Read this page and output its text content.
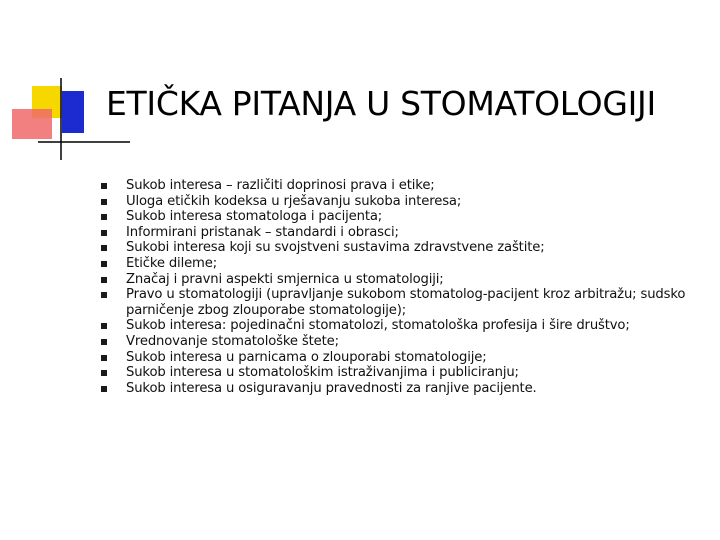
ETIČKA PITANJA U STOMATOLOGIJI
Sukob interesa – različiti doprinosi prava i etike;
Uloga etičkih kodeksa u rješavanju sukoba interesa;
Sukob interesa stomatologa i pacijenta;
Informirani pristanak – standardi i obrasci;
Sukobi interesa koji su svojstveni sustavima zdravstvene zaštite;
Etičke dileme;
Značaj i pravni aspekti smjernica u stomatologiji;
Pravo u stomatologiji (upravljanje sukobom stomatolog-pacijent kroz arbitražu; sudsko parničenje zbog zlouporabe stomatologije);
Sukob interesa: pojedinačni stomatolozi, stomatološka profesija i šire društvo;
Vrednovanje stomatološke štete;
Sukob interesa u parnicama o zlouporabi stomatologije;
Sukob interesa u stomatološkim istraživanjima i publiciranju;
Sukob interesa u osiguravanju pravednosti za ranjive pacijente.
